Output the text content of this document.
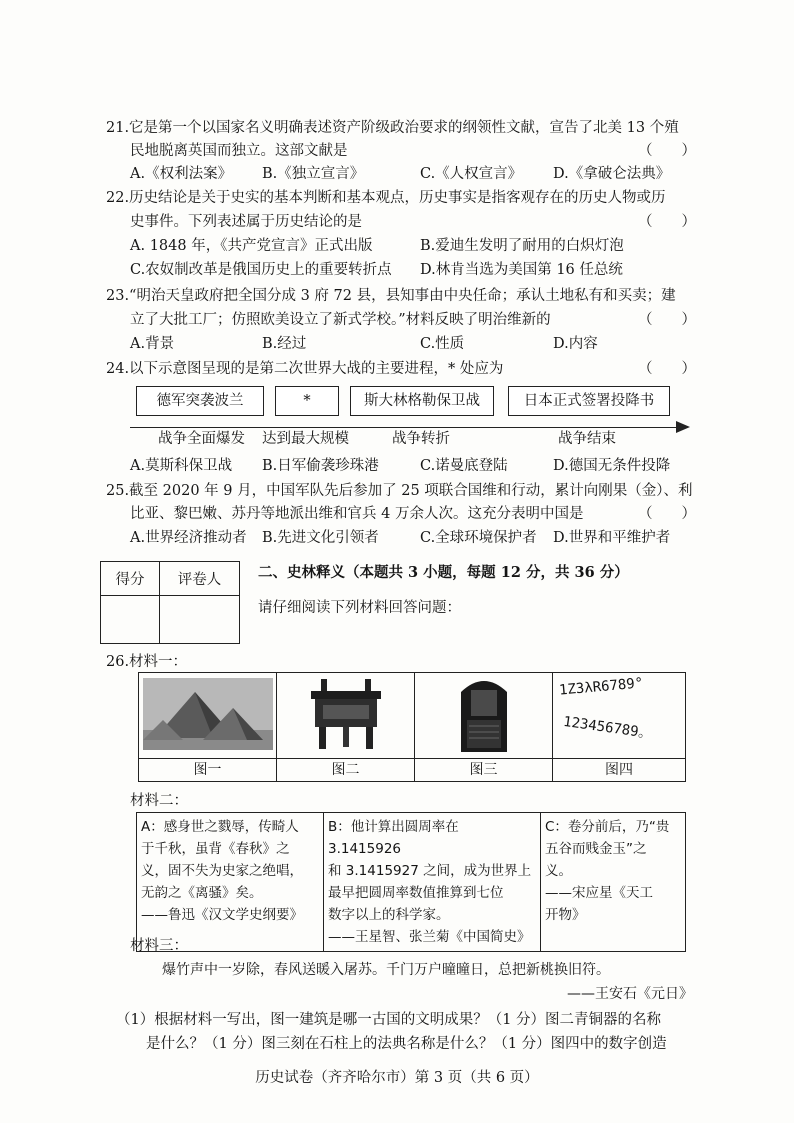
21.它是第一个以国家名义明确表述资产阶级政治要求的纲领性文献，宣告了北美 13 个殖
民地脱离英国而独立。这部文献是	（　　）
A.《权利法案》 B.《独立宣言》	C.《人权宣言》 D.《拿破仑法典》
22.历史结论是关于史实的基本判断和基本观点，历史事实是指客观存在的历史人物或历
史事件。下列表述属于历史结论的是	（　　）
A. 1848 年，《共产党宣言》正式出版	B.爱迪生发明了耐用的白炽灯泡
C.农奴制改革是俄国历史上的重要转折点 D.林肯当选为美国第 16 任总统
23.“明治天皇政府把全国分成 3 府 72 县，县知事由中央任命；承认土地私有和买卖；建
立了大批工厂；仿照欧美设立了新式学校。”材料反映了明治维新的	（　　）
A.背景	B.经过	C.性质	D.内容
24.以下示意图呈现的是第二次世界大战的主要进程，* 处应为	（　　）
德军突袭波兰	*	斯大林格勒保卫战	日本正式签署投降书
战争全面爆发 达到最大规模	战争转折	战争结束
A.莫斯科保卫战 B.日军偷袭珍珠港	C.诺曼底登陆	D.德国无条件投降
25.截至 2020 年 9 月，中国军队先后参加了 25 项联合国维和行动，累计向刚果（金）、利
比亚、黎巴嫩、苏丹等地派出维和官兵 4 万余人次。这充分表明中国是	（　　）
A.世界经济推动者 B.先进文化引领者	C.全球环境保护者 D.世界和平维护者
得分	评卷人
		二、史林释义（本题共 3 小题，每题 12 分，共 36 分）
请仔细阅读下列材料回答问题：
26.材料一：

1Z3λR6789°
123456789。

图一	图二	图三	图四
材料二：
A：感身世之戮辱，传畸人
于千秋，虽背《春秋》之
义，固不失为史家之绝唱，
无韵之《离骚》矣。
——鲁迅《汉文学史纲要》	B：他计算出圆周率在 3.1415926
和 3.1415927 之间，成为世界上
最早把圆周率数值推算到七位
数字以上的科学家。
——王星智、张兰菊《中国简史》	C：卷分前后，乃“贵
五谷而贱金玉”之
义。
——宋应星《天工
开物》
材料三：
爆竹声中一岁除，春风送暖入屠苏。千门万户曈曈日，总把新桃换旧符。
——王安石《元日》
（1）根据材料一写出，图一建筑是哪一古国的文明成果？（1 分）图二青铜器的名称
是什么？（1 分）图三刻在石柱上的法典名称是什么？（1 分）图四中的数字创造
历史试卷（齐齐哈尔市）第 3 页（共 6 页）
